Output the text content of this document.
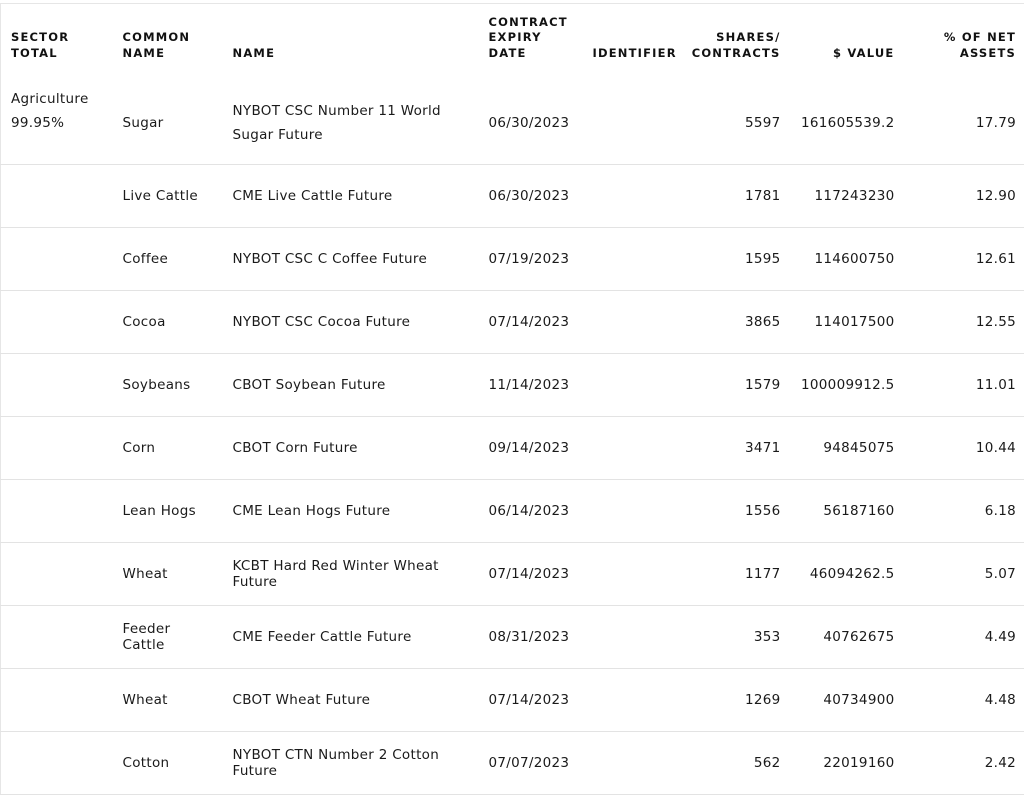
SECTOR TOTAL	COMMON NAME	NAME	CONTRACT EXPIRY DATE	IDENTIFIER	SHARES/ CONTRACTS	$ VALUE	% OF NET ASSETS

Agriculture
99.95%	Sugar	NYBOT CSC Number 11 World Sugar Future	06/30/2023		5597	161605539.2	17.79
	Live Cattle	CME Live Cattle Future	06/30/2023		1781	117243230	12.90
	Coffee	NYBOT CSC C Coffee Future	07/19/2023		1595	114600750	12.61
	Cocoa	NYBOT CSC Cocoa Future	07/14/2023		3865	114017500	12.55
	Soybeans	CBOT Soybean Future	11/14/2023		1579	100009912.5	11.01
	Corn	CBOT Corn Future	09/14/2023		3471	94845075	10.44
	Lean Hogs	CME Lean Hogs Future	06/14/2023		1556	56187160	6.18
	Wheat	KCBT Hard Red Winter Wheat Future	07/14/2023		1177	46094262.5	5.07
	Feeder Cattle	CME Feeder Cattle Future	08/31/2023		353	40762675	4.49
	Wheat	CBOT Wheat Future	07/14/2023		1269	40734900	4.48
	Cotton	NYBOT CTN Number 2 Cotton Future	07/07/2023		562	22019160	2.42
